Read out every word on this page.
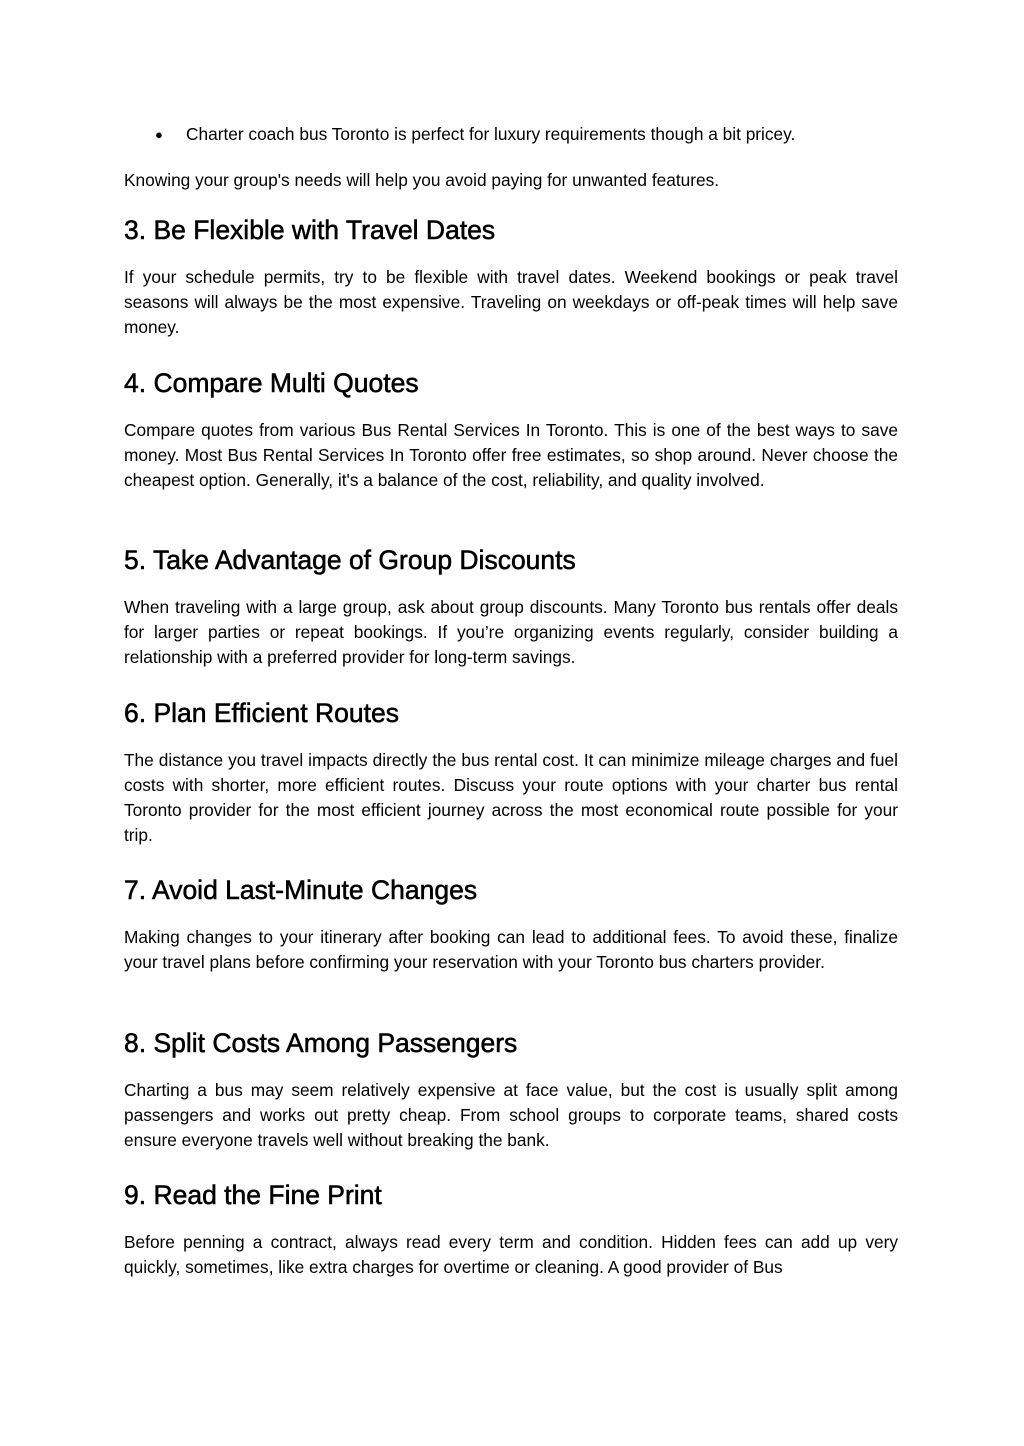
● Charter coach bus Toronto is perfect for luxury requirements though a bit pricey.

Knowing your group's needs will help you avoid paying for unwanted features.

3. Be Flexible with Travel Dates

If your schedule permits, try to be flexible with travel dates. Weekend bookings or peak travel seasons will always be the most expensive. Traveling on weekdays or off-peak times will help save money.

4. Compare Multi Quotes

Compare quotes from various Bus Rental Services In Toronto. This is one of the best ways to save money. Most Bus Rental Services In Toronto offer free estimates, so shop around. Never choose the cheapest option. Generally, it's a balance of the cost, reliability, and quality involved.

5. Take Advantage of Group Discounts

When traveling with a large group, ask about group discounts. Many Toronto bus rentals offer deals for larger parties or repeat bookings. If you’re organizing events regularly, consider building a relationship with a preferred provider for long-term savings.

6. Plan Efficient Routes

The distance you travel impacts directly the bus rental cost. It can minimize mileage charges and fuel costs with shorter, more efficient routes. Discuss your route options with your charter bus rental Toronto provider for the most efficient journey across the most economical route possible for your trip.

7. Avoid Last-Minute Changes

Making changes to your itinerary after booking can lead to additional fees. To avoid these, finalize your travel plans before confirming your reservation with your Toronto bus charters provider.

8. Split Costs Among Passengers

Charting a bus may seem relatively expensive at face value, but the cost is usually split among passengers and works out pretty cheap. From school groups to corporate teams, shared costs ensure everyone travels well without breaking the bank.

9. Read the Fine Print

Before penning a contract, always read every term and condition. Hidden fees can add up very quickly, sometimes, like extra charges for overtime or cleaning. A good provider of Bus
